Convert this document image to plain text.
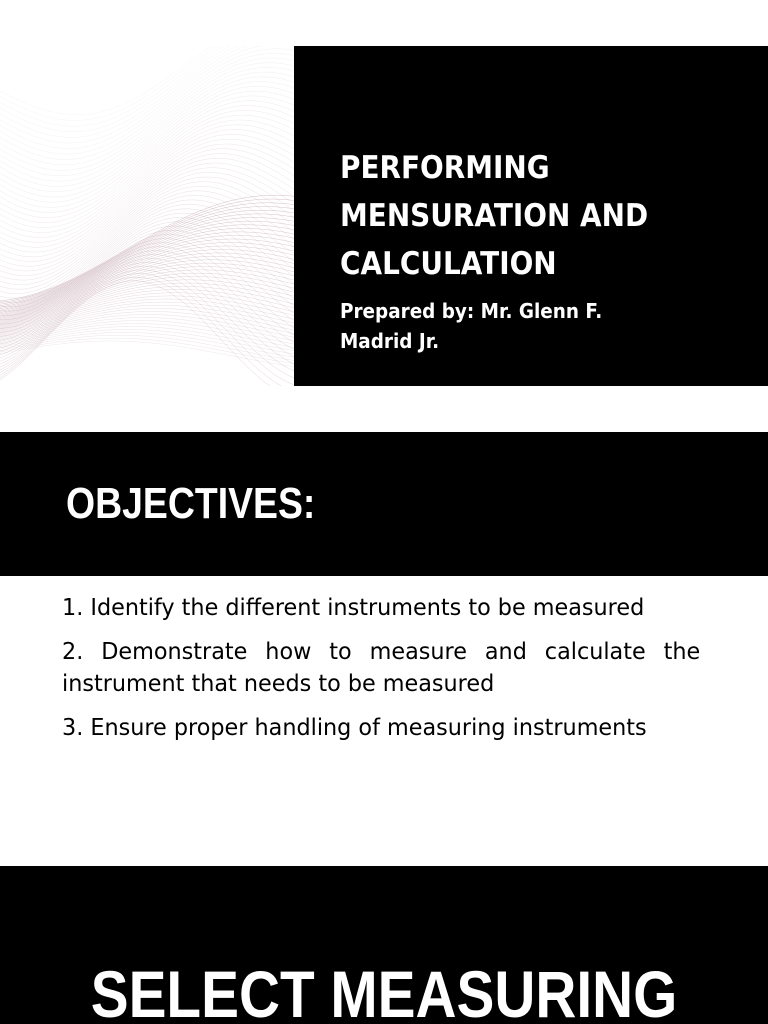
PERFORMING
MENSURATION AND
CALCULATION
Prepared by: Mr. Glenn F.
Madrid Jr.
OBJECTIVES:
1. Identify the different instruments to be measured
2. Demonstrate how to measure and calculate the instrument that needs to be measured
3. Ensure proper handling of measuring instruments
SELECT MEASURING
